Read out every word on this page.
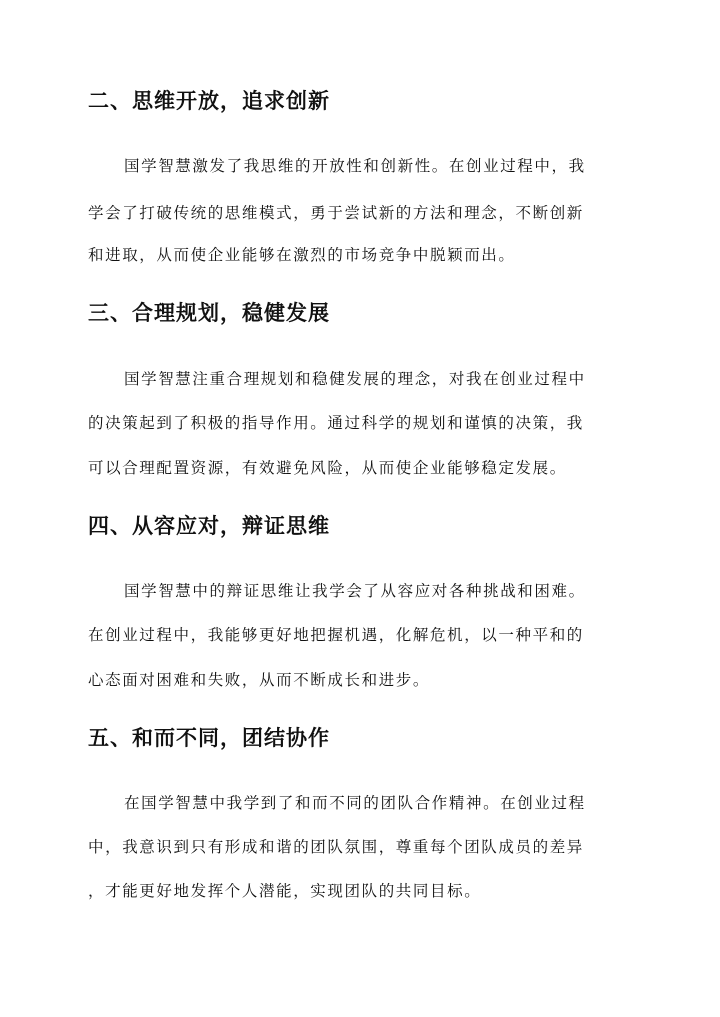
二、思维开放，追求创新

国学智慧激发了我思维的开放性和创新性。在创业过程中，我

学会了打破传统的思维模式，勇于尝试新的方法和理念，不断创新

和进取，从而使企业能够在激烈的市场竞争中脱颖而出。

三、合理规划，稳健发展

国学智慧注重合理规划和稳健发展的理念，对我在创业过程中

的决策起到了积极的指导作用。通过科学的规划和谨慎的决策，我

可以合理配置资源，有效避免风险，从而使企业能够稳定发展。

四、从容应对，辩证思维

国学智慧中的辩证思维让我学会了从容应对各种挑战和困难。

在创业过程中，我能够更好地把握机遇，化解危机，以一种平和的

心态面对困难和失败，从而不断成长和进步。

五、和而不同，团结协作

在国学智慧中我学到了和而不同的团队合作精神。在创业过程

中，我意识到只有形成和谐的团队氛围，尊重每个团队成员的差异

，才能更好地发挥个人潜能，实现团队的共同目标。
